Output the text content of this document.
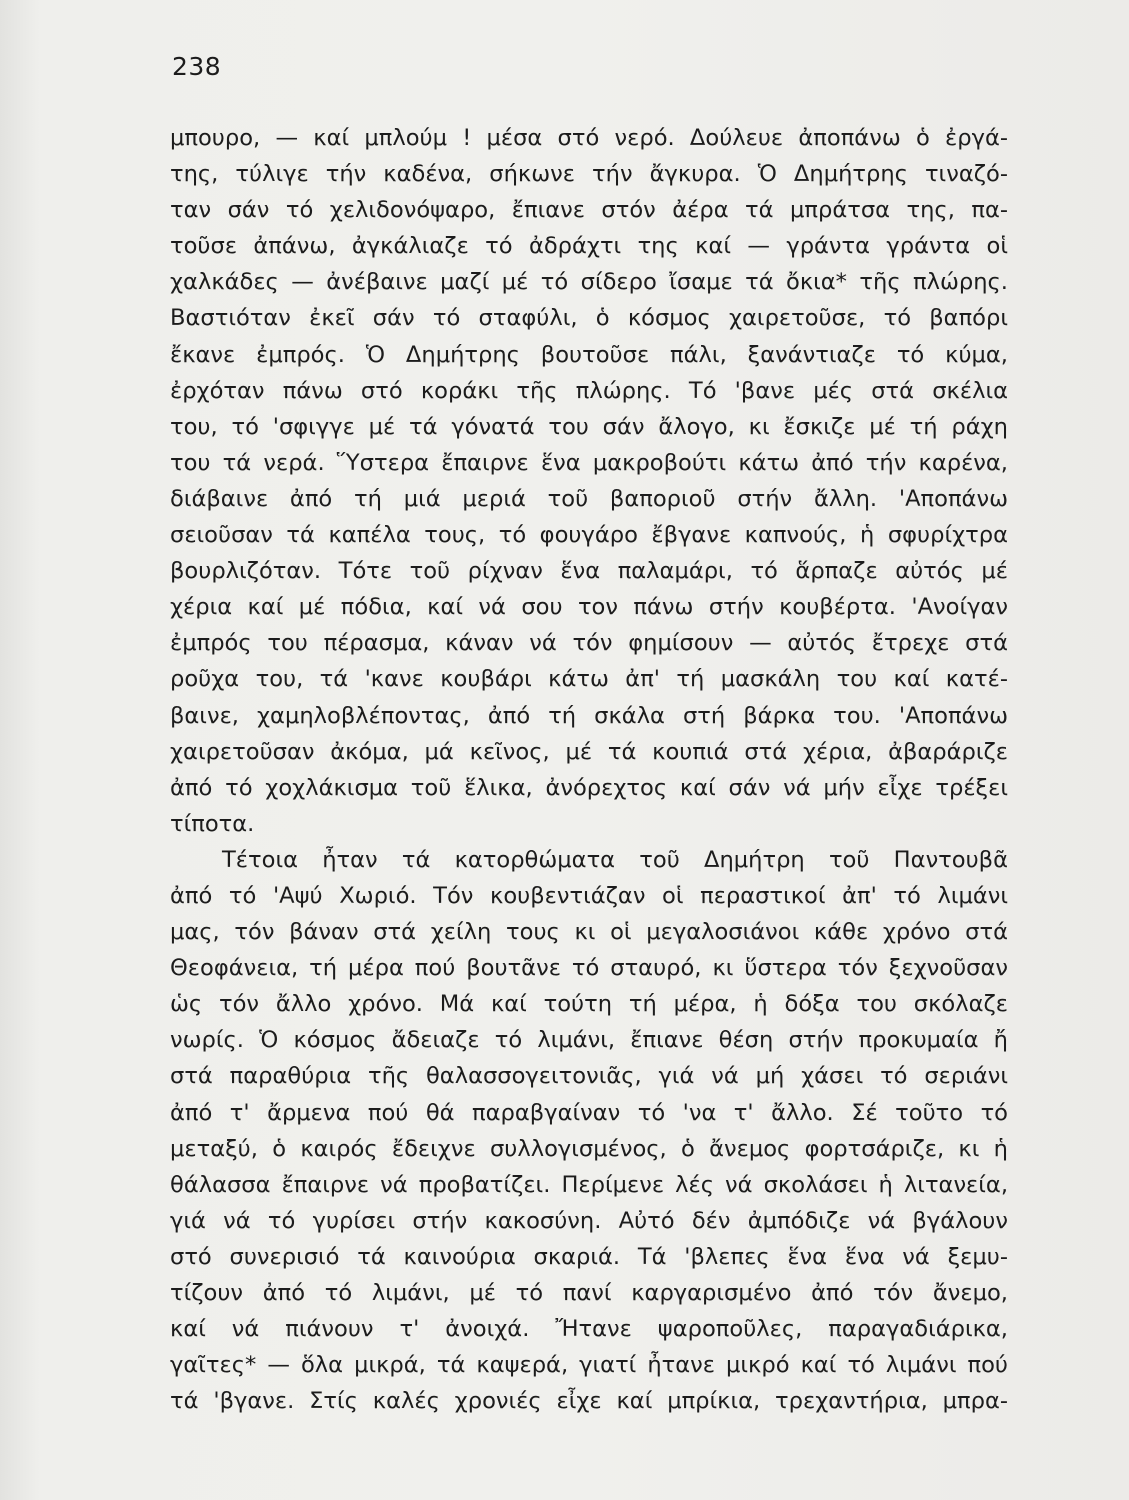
238
μπουρο, — καί μπλούμ ! μέσα στό νερό. Δούλευε ἀποπάνω ὁ ἐργά-
της, τύλιγε τήν καδένα, σήκωνε τήν ἄγκυρα. Ὁ Δημήτρης τιναζό-
ταν σάν τό χελιδονόψαρο, ἔπιανε στόν ἀέρα τά μπράτσα της, πα-
τοῦσε ἀπάνω, ἀγκάλιαζε τό ἀδράχτι της καί — γράντα γράντα οἱ
χαλκάδες — ἀνέβαινε μαζί μέ τό σίδερο ἴσαμε τά ὄκια* τῆς πλώρης.
Βαστιόταν ἐκεῖ σάν τό σταφύλι, ὁ κόσμος χαιρετοῦσε, τό βαπόρι
ἔκανε ἐμπρός. Ὁ Δημήτρης βουτοῦσε πάλι, ξανάντιαζε τό κύμα,
ἐρχόταν πάνω στό κοράκι τῆς πλώρης. Τό 'βανε μές στά σκέλια
του, τό 'σφιγγε μέ τά γόνατά του σάν ἄλογο, κι ἔσκιζε μέ τή ράχη
του τά νερά. Ὕστερα ἔπαιρνε ἕνα μακροβούτι κάτω ἀπό τήν καρένα,
διάβαινε ἀπό τή μιά μεριά τοῦ βαποριοῦ στήν ἄλλη. 'Αποπάνω
σειοῦσαν τά καπέλα τους, τό φουγάρο ἔβγανε καπνούς, ἡ σφυρίχτρα
βουρλιζόταν. Τότε τοῦ ρίχναν ἕνα παλαμάρι, τό ἅρπαζε αὐτός μέ
χέρια καί μέ πόδια, καί νά σου τον πάνω στήν κουβέρτα. 'Ανοίγαν
ἐμπρός του πέρασμα, κάναν νά τόν φημίσουν — αὐτός ἔτρεχε στά
ροῦχα του, τά 'κανε κουβάρι κάτω ἀπ' τή μασκάλη του καί κατέ-
βαινε, χαμηλοβλέποντας, ἀπό τή σκάλα στή βάρκα του. 'Αποπάνω
χαιρετοῦσαν ἀκόμα, μά κεῖνος, μέ τά κουπιά στά χέρια, ἀβαράριζε
ἀπό τό χοχλάκισμα τοῦ ἕλικα, ἀνόρεχτος καί σάν νά μήν εἶχε τρέξει
τίποτα.
Τέτοια ἦταν τά κατορθώματα τοῦ Δημήτρη τοῦ Παντουβᾶ
ἀπό τό 'Αψύ Χωριό. Τόν κουβεντιάζαν οἱ περαστικοί ἀπ' τό λιμάνι
μας, τόν βάναν στά χείλη τους κι οἱ μεγαλοσιάνοι κάθε χρόνο στά
Θεοφάνεια, τή μέρα πού βουτᾶνε τό σταυρό, κι ὕστερα τόν ξεχνοῦσαν
ὡς τόν ἄλλο χρόνο. Μά καί τούτη τή μέρα, ἡ δόξα του σκόλαζε
νωρίς. Ὁ κόσμος ἄδειαζε τό λιμάνι, ἔπιανε θέση στήν προκυμαία ἤ
στά παραθύρια τῆς θαλασσογειτονιᾶς, γιά νά μή χάσει τό σεριάνι
ἀπό τ' ἄρμενα πού θά παραβγαίναν τό 'να τ' ἄλλο. Σέ τοῦτο τό
μεταξύ, ὁ καιρός ἔδειχνε συλλογισμένος, ὁ ἄνεμος φορτσάριζε, κι ἡ
θάλασσα ἔπαιρνε νά προβατίζει. Περίμενε λές νά σκολάσει ἡ λιτανεία,
γιά νά τό γυρίσει στήν κακοσύνη. Αὐτό δέν ἀμπόδιζε νά βγάλουν
στό συνερισιό τά καινούρια σκαριά. Τά 'βλεπες ἕνα ἕνα νά ξεμυ-
τίζουν ἀπό τό λιμάνι, μέ τό πανί καργαρισμένο ἀπό τόν ἄνεμο,
καί νά πιάνουν τ' ἀνοιχά. Ἤτανε ψαροποῦλες, παραγαδιάρικα,
γαῖτες* — ὅλα μικρά, τά καψερά, γιατί ἦτανε μικρό καί τό λιμάνι πού
τά 'βγανε. Στίς καλές χρονιές εἶχε καί μπρίκια, τρεχαντήρια, μπρα-
